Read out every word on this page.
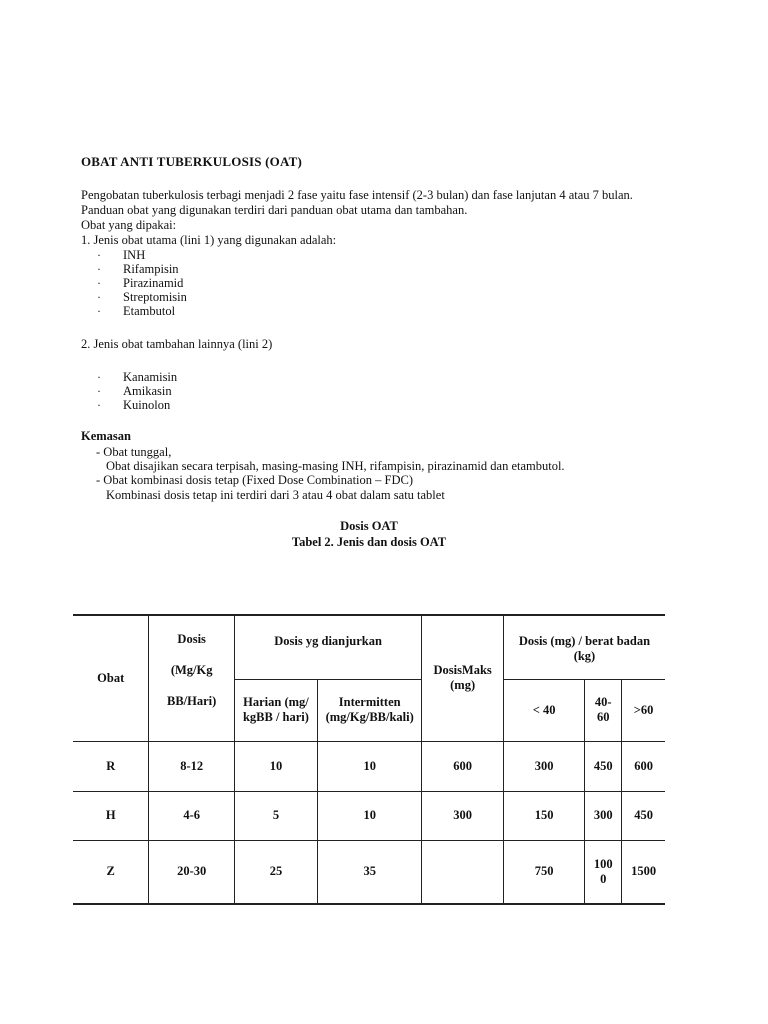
OBAT ANTI TUBERKULOSIS (OAT)
Pengobatan tuberkulosis terbagi menjadi 2 fase yaitu fase intensif (2-3 bulan) dan fase lanjutan 4 atau 7 bulan.
Panduan obat yang digunakan terdiri dari panduan obat utama dan tambahan.
Obat yang dipakai:
1. Jenis obat utama (lini 1) yang digunakan adalah:
· INH
· Rifampisin
· Pirazinamid
· Streptomisin
· Etambutol
2. Jenis obat tambahan lainnya (lini 2)
· Kanamisin
· Amikasin
· Kuinolon
Kemasan
- Obat tunggal,
Obat disajikan secara terpisah, masing-masing INH, rifampisin, pirazinamid dan etambutol.
- Obat kombinasi dosis tetap (Fixed Dose Combination – FDC)
Kombinasi dosis tetap ini terdiri dari 3 atau 4 obat dalam satu tablet
Dosis OAT
Tabel 2. Jenis dan dosis OAT
Obat	Dosis
(Mg/Kg
BB/Hari)	Dosis yg dianjurkan		DosisMaks (mg)	Dosis (mg) / berat badan (kg)		
		Harian (mg/ kgBB / hari)	Intermitten (mg/Kg/BB/kali)		< 40	40- 60	>60
R	8-12	10	10	600	300	450	600
H	4-6	5	10	300	150	300	450
Z	20-30	25	35		750	100 0	1500
